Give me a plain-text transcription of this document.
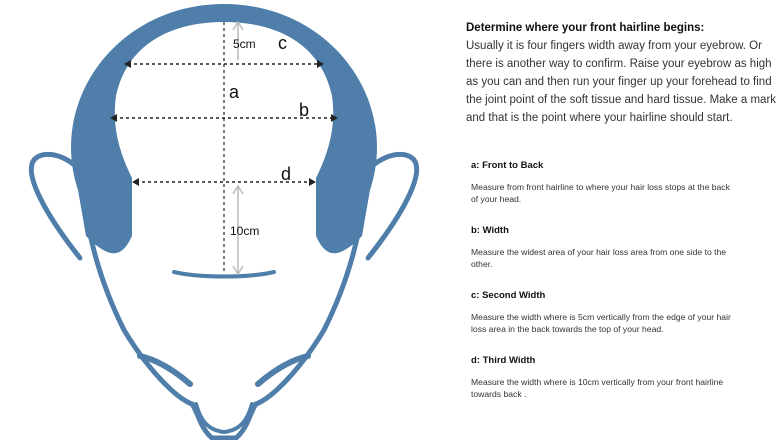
5cm c
a
b
d
10cm

Determine where your front hairline begins:

Usually it is four fingers width away from your eyebrow. Or there is another way to confirm. Raise your eyebrow as high as you can and then run your finger up your forehead to find the joint point of the soft tissue and hard tissue. Make a mark and that is the point where your hairline should start.

a: Front to Back

Measure from front hairline to where your hair loss stops at the back of your head.

b: Width

Measure the widest area of your hair loss area from one side to the other.

c: Second Width

Measure the width where is 5cm vertically from the edge of your hair loss area in the back towards the top of your head.

d: Third Width

Measure the width where is 10cm vertically from your front hairline towards back .
